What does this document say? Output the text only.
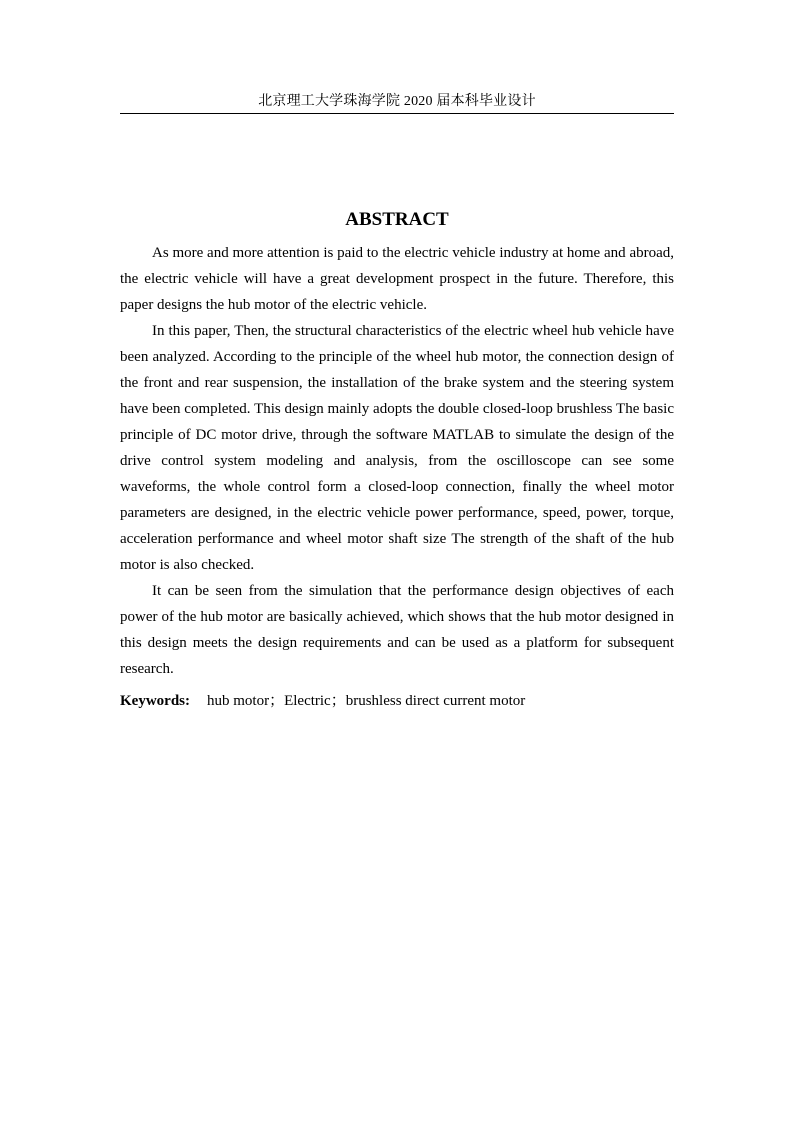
北京理工大学珠海学院 2020 届本科毕业设计
ABSTRACT

As more and more attention is paid to the electric vehicle industry at home and abroad, the electric vehicle will have a great development prospect in the future. Therefore, this paper designs the hub motor of the electric vehicle.

In this paper, Then, the structural characteristics of the electric wheel hub vehicle have been analyzed. According to the principle of the wheel hub motor, the connection design of the front and rear suspension, the installation of the brake system and the steering system have been completed. This design mainly adopts the double closed-loop brushless The basic principle of DC motor drive, through the software MATLAB to simulate the design of the drive control system modeling and analysis, from the oscilloscope can see some waveforms, the whole control form a closed-loop connection, finally the wheel motor parameters are designed, in the electric vehicle power performance, speed, power, torque, acceleration performance and wheel motor shaft size The strength of the shaft of the hub motor is also checked.

It can be seen from the simulation that the performance design objectives of each power of the hub motor are basically achieved, which shows that the hub motor designed in this design meets the design requirements and can be used as a platform for subsequent research.

Keywords: hub motor；Electric；brushless direct current motor
